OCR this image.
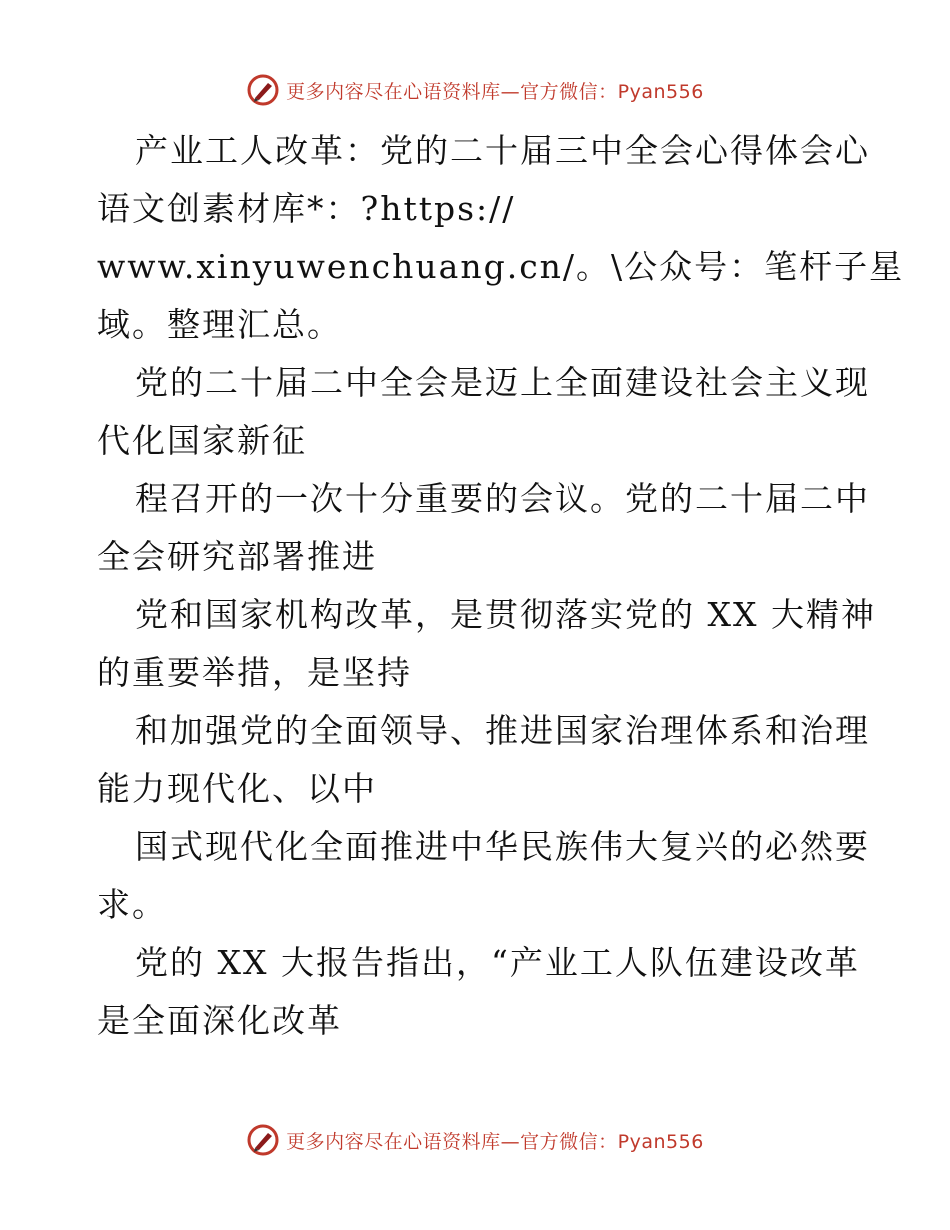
更多内容尽在心语资料库—官方微信：Pyan556
产业工人改革：党的二十届三中全会心得体会心
语文创素材库*：?https://
www.xinyuwenchuang.cn/。\公众号：笔杆子星
域。整理汇总。
党的二十届二中全会是迈上全面建设社会主义现
代化国家新征
程召开的一次十分重要的会议。党的二十届二中
全会研究部署推进
党和国家机构改革，是贯彻落实党的 XX 大精神
的重要举措，是坚持
和加强党的全面领导、推进国家治理体系和治理
能力现代化、以中
国式现代化全面推进中华民族伟大复兴的必然要
求。
党的 XX 大报告指出，“产业工人队伍建设改革
是全面深化改革
更多内容尽在心语资料库—官方微信：Pyan556
